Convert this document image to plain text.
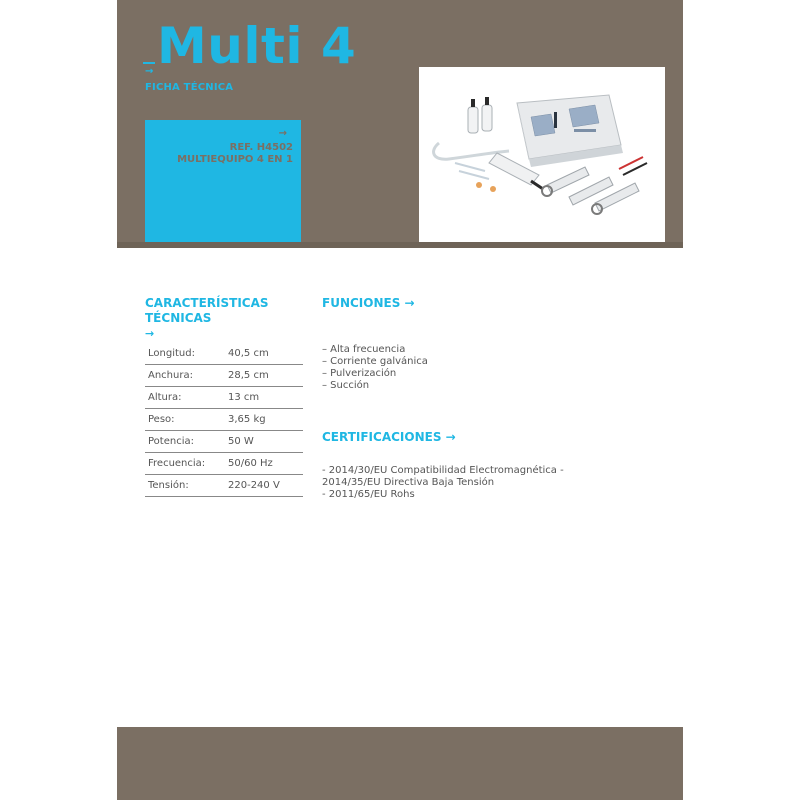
Multi 4
→
FICHA TÉCNICA
→
REF. H4502
MULTIEQUIPO 4 EN 1
CARACTERÍSTICAS
TÉCNICAS
→
Longitud:	40,5 cm
Anchura:	28,5 cm
Altura:	13 cm
Peso:	3,65 kg
Potencia:	50 W
Frecuencia:	50/60 Hz
Tensión:	220-240 V
FUNCIONES →
– Alta frecuencia
– Corriente galvánica
– Pulverización
– Succión
CERTIFICACIONES →
- 2014/30/EU Compatibilidad Electromagnética -
2014/35/EU Directiva Baja Tensión
- 2011/65/EU Rohs
